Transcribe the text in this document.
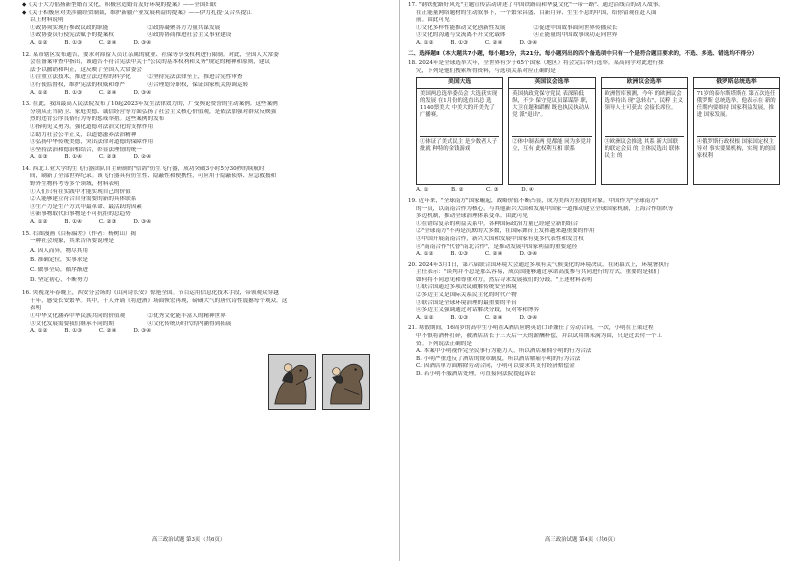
◆《关于大力倡扬新型婚育文化，积极营造婚育友好环境的提案》——全国妇联
◆《关于积极应对美涉疆经贸制裁，维护新疆产业发展利益的提案》——伊力扎提·艾合买提江
以上材料说明
①政协须实现行参政议政的职能　　　　　　　②政协凝聚各方力量共谋发展
③政协委员行使宪法赋予的提案权　　　　　　④政协协商推进社会主义事业建设
A. ①②　　　B. ①③　　　C. ②④　　　D. ③④
12. 某市辖区发布通告，要求对滞留人员让亲属的就业、社保等享受权利进行限制。对此，全国人大常委
会在备案审查中指出，该通告不符合宪法中关于"公民的基本权利和义务"规定的精神和原则，建议
法予以撤销和纠正，这反映了全国人大常委会
①注重立法技术，推进立法过程的科学化　　　②坚持宪法法律至上，推进合宪性审查
③行使监督权，维护宪法的权威和尊严　　　　④合理划分职权，保证国家机关协调运转
A. ①②　　　B. ①③　　　C. ②④　　　D. ③④
13. 在此，我国最高人民法院发布了10起2023年发生法律效力的，广受舆论赞誉的生动案例。这些案例
分别从正当防卫、家庭美德、诚信经营等方面弘扬了社会主义核心价值观，是依法加强对群众反映强
烈的违背公序良俗行为等的惩戒举措。这些案例的发布
①指明见义勇为，强化道德对法治文化的支撑作用
②助力社会公平正义，以道德滋养法治精神
③弘扬中华传统美德，突出法律对道德的保障作用
④坚持法治和德治相结合，彰显法理情的统一
A. ①③　　　B. ①④　　　C. ②③　　　D. ②④
14. 西北工业大学的生飞行器团队自主研制的"信鸽"仿生飞行器，成功突破3小时5分30秒的续航时
间，刷新了全部世界纪录。该飞行器具有仿生性、隐蔽性和便携性，可应用于隐蔽侦察、应急救援和
野外生物科考等多个领域，材料表明
①人们只有在实践中才能实现自己的价值
②人能够建立符合自身需要的新的具体联系
③生产力是生产方式中最革命、最活跃的因素
④新事物取代旧事物是不可抗拒的总趋势
A. ①②　　　B. ①④　　　C. ②③　　　D. ③④
15. 右图漫画《目标偏差》（作者：杨树山）揭
一种社会现象，其来告所要说理是
A. 因人而异，物尽其用
B. 准确定位，实事求是
C. 做事全局，循序渐进
D. 坚定初心，不断努力
16. 央视龙年春晚上，西安分会场的《山河诗长安》惊艳全国。节目运用信息化技术手段，带领观众穿越
千年，感受长安繁华。其中，千人齐诵《将进酒》场面恢宏再现，磅礴大气的唐代诗性震撼每个观众。这
表明
①中华文化涵养中华民族共同的价值观　　　　②优秀文化能丰富人的精神世界
③文化发展需要我们继承不同的期　　　　　　④文化传统历时代的内涵得到拓展
A. ①②　　　B. ①③　　　C. ②④　　　D. ③④
高三政治试题 第3页（共6页）
17. "钢铁驼路好风光"主题宣传活动讲述了中国铁路局和华夏文化"一带一路"、通过沿线百的动人故事。
在正能量网络题材的生动叙事下，一个繁荣昌盛、目新月异、生生不息的中国，给你留观在赶人面
前。由此可见
①文化多样性能推动文化创新性发展　　　　　②促进中国故事面向世界传播众长
③文化的沟通与交流离不开文化载体　　　　　④正能量的中国故事成功走向世界
A. ①②　　　B. ①③　　　C. ②④　　　D. ③④
二、选择题Ⅱ（本大题共7小题，每小题3分，共21分。每小题列出的四个备选项中只有一个是符合题目要求的，不选、多选、错选均不得分）
18. 2024年是全球选举大年，全世界有少于65个国家（地区）将会完后举行选举。某高同学对此进行探
究，下列是他们搜索所得资料，与选项关系对应正确的是
美国大选

美国两总选举委员会 大选获实现的发展 在1月份的选直出总 选1140票美大 中美大的开美先了 广播赛。

①体证了美式民主 是少数者人子批就 种特的金钱游戏
英国议会选举

英国执政党保守党民 表深陷低纵，不少 保守党议员谋谋辞 职，大卫在题和蹈醒 既也执民执动从党 派"退出"。

②体中制表两 党都能 同为多党并立，互有 此权利互相 联系
欧洲议会选举

欧洲智库预测，今年 的欧洲议会选举持出 现"急转右"，民粹 主义领导人士可获去 会接长席位。

③欧洲议会推选 其系 新大国联 的联定会员 的 主体民选出 联体民主 的
俄罗斯总统选举

71岁的泰尔斯塔斯在 第五次连任俄罗斯 总统选举，他表示在 新的任期内要维持 国家利益发展，推进 国家发展。

④俄罗斯行政权根 国家国定权主导对 事实要果机构，实现 的的国家权利
A. ①　　　　B. ②　　　　C. ③　　　　D. ④
19. 近年来，"全球南方"国家崛起，战略价值不断凸显，成为美西方拉拢的对象。中国作为"全球南方"
的一员，以南南合作为核心，与其他新兴大国和发展中国家一道推动建立全球国家机制，上海合作组织等
多边机制，推动全球治理体系变革。由此可见
①在错综复杂的利益关系中，各种国际政治力量已经建立新的组合
②"全球南方"不再是沉默的大多数，在国际舞台上发挥越来越重要的作用
③中国开展南南合作，新兴大国和发展中国家有更多代表性和发言权
④"南南合作"代替"南北合作"，是推动发展中国家利益的重要途径
A. ①②　　　B. ①③　　　C. ②④　　　D. ③④
20. 2024年3月1日，第六届联合国环境大会通过多项有关气候变化的环境决议。在闭幕式上，环境署执行
主任表示："谈判并不总是那么容易，成员国能够通过承诺高度参与共同进行的方式，重要的是我们
如何将不同意见和尊重对方，然后寻求发展我们的分歧。"上述材料表明
①联合国通过多项决议破解传统安全困境
②多边主义是国际关系民主化的时代产物
③联合国是全球环境治理的最重要的平台
④多边主义强调通过对话解决分歧，反对零和博弈
A. ①②　　　B. ①③　　　C. ②④　　　D. ③④
21. 寒假期间，16周岁的高中生小明在A酒店应聘英语口译兼任了劳动合同，一次，小明在上架过程
中不慎将酒杯打碎，被酒店店长于三天后一天的薪酬补偿，并以试用期未满为由，只是过去付一个工
资。下列说法正确的是
A. 本案中小明视作完全民事行为能力人，所以酒店雇佣小明的行为合法
B. 小明严重违反了酒店的规章制度，所以酒店解雇小明的行为合法
C. 因酒店单方面解除劳动合同，小明可以要求其支付经济赔偿金
D. 若小明不服酒店处理，可直接向法院提起诉讼
高三政治试题 第4页（共6页）
